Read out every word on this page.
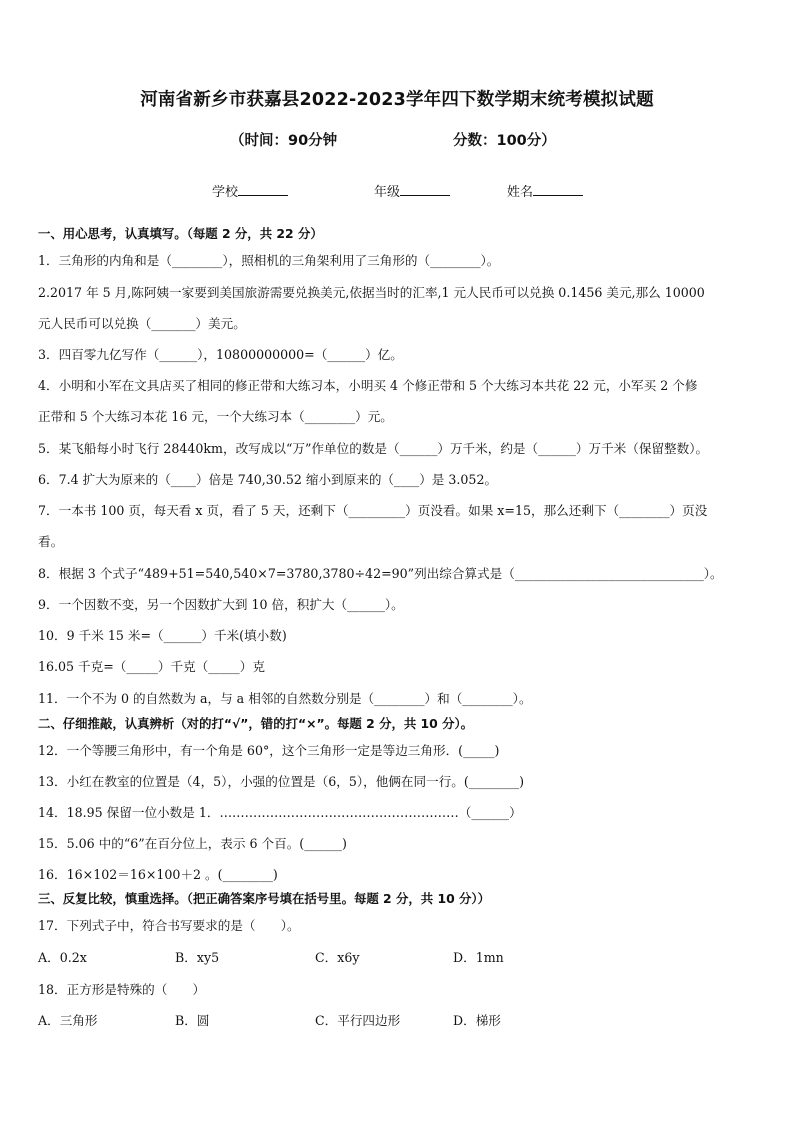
河南省新乡市获嘉县2022-2023学年四下数学期末统考模拟试题
（时间：90分钟	分数：100分）
学校	年级	姓名
一、用心思考，认真填写。（每题 2 分，共 22 分）
1．三角形的内角和是（________），照相机的三角架利用了三角形的（________）。
2.2017 年 5 月,陈阿姨一家要到美国旅游需要兑换美元,依据当时的汇率,1 元人民币可以兑换 0.1456 美元,那么 10000
元人民币可以兑换（_______）美元。
3．四百零九亿写作（______），10800000000=（______）亿。
4．小明和小军在文具店买了相同的修正带和大练习本，小明买 4 个修正带和 5 个大练习本共花 22 元，小军买 2 个修
正带和 5 个大练习本花 16 元，一个大练习本（________）元。
5．某飞船每小时飞行 28440km，改写成以“万”作单位的数是（______）万千米，约是（______）万千米（保留整数）。
6．7.4 扩大为原来的（____）倍是 740,30.52 缩小到原来的（____）是 3.052。
7．一本书 100 页，每天看 x 页，看了 5 天，还剩下（_________）页没看。如果 x=15，那么还剩下（________）页没
看。
8．根据 3 个式子“489+51=540,540×7=3780,3780÷42=90”列出综合算式是（______________________________）。
9．一个因数不变，另一个因数扩大到 10 倍，积扩大（______）。
10．9 千米 15 米=（______）千米(填小数)
16.05 千克=（_____）千克（_____）克
11．一个不为 0 的自然数为 a，与 a 相邻的自然数分别是（________）和（________）。
二、仔细推敲，认真辨析（对的打“√”，错的打“×”。每题 2 分，共 10 分）。
12．一个等腰三角形中，有一个角是 60°，这个三角形一定是等边三角形．(_____)
13．小红在教室的位置是（4，5），小强的位置是（6，5），他俩在同一行。(________)
14．18.95 保留一位小数是 1．…………………………………………………（______）
15．5.06 中的“6”在百分位上，表示 6 个百。(______)
16．16×102＝16×100＋2 。(________)
三、反复比较，慎重选择。（把正确答案序号填在括号里。每题 2 分，共 10 分））
17．下列式子中，符合书写要求的是（　　）。
A．0.2x	B．xy5	C．x6y	D．1mn
18．正方形是特殊的（　　）
A．三角形	B．圆	C．平行四边形	D．梯形
